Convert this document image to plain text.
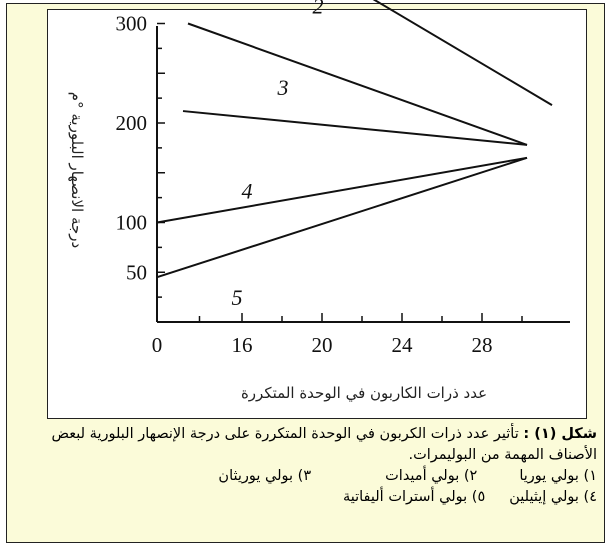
50
100
200
300
0	16	20	24	28
2
3
4
5
عدد ذرات الكاربون في الوحدة المتكررة
درجة الانصهار البلورية °م
شكل (١) : تأثير عدد ذرات الكربون في الوحدة المتكررة على درجة الإنصهار البلورية لبعض الأصناف المهمة من البوليمرات.
١) بولي يوريا
٢) بولي أميدات
٣) بولي يوريثان
٤) بولي إيثيلين
٥) بولي أسترات أليفاتية
